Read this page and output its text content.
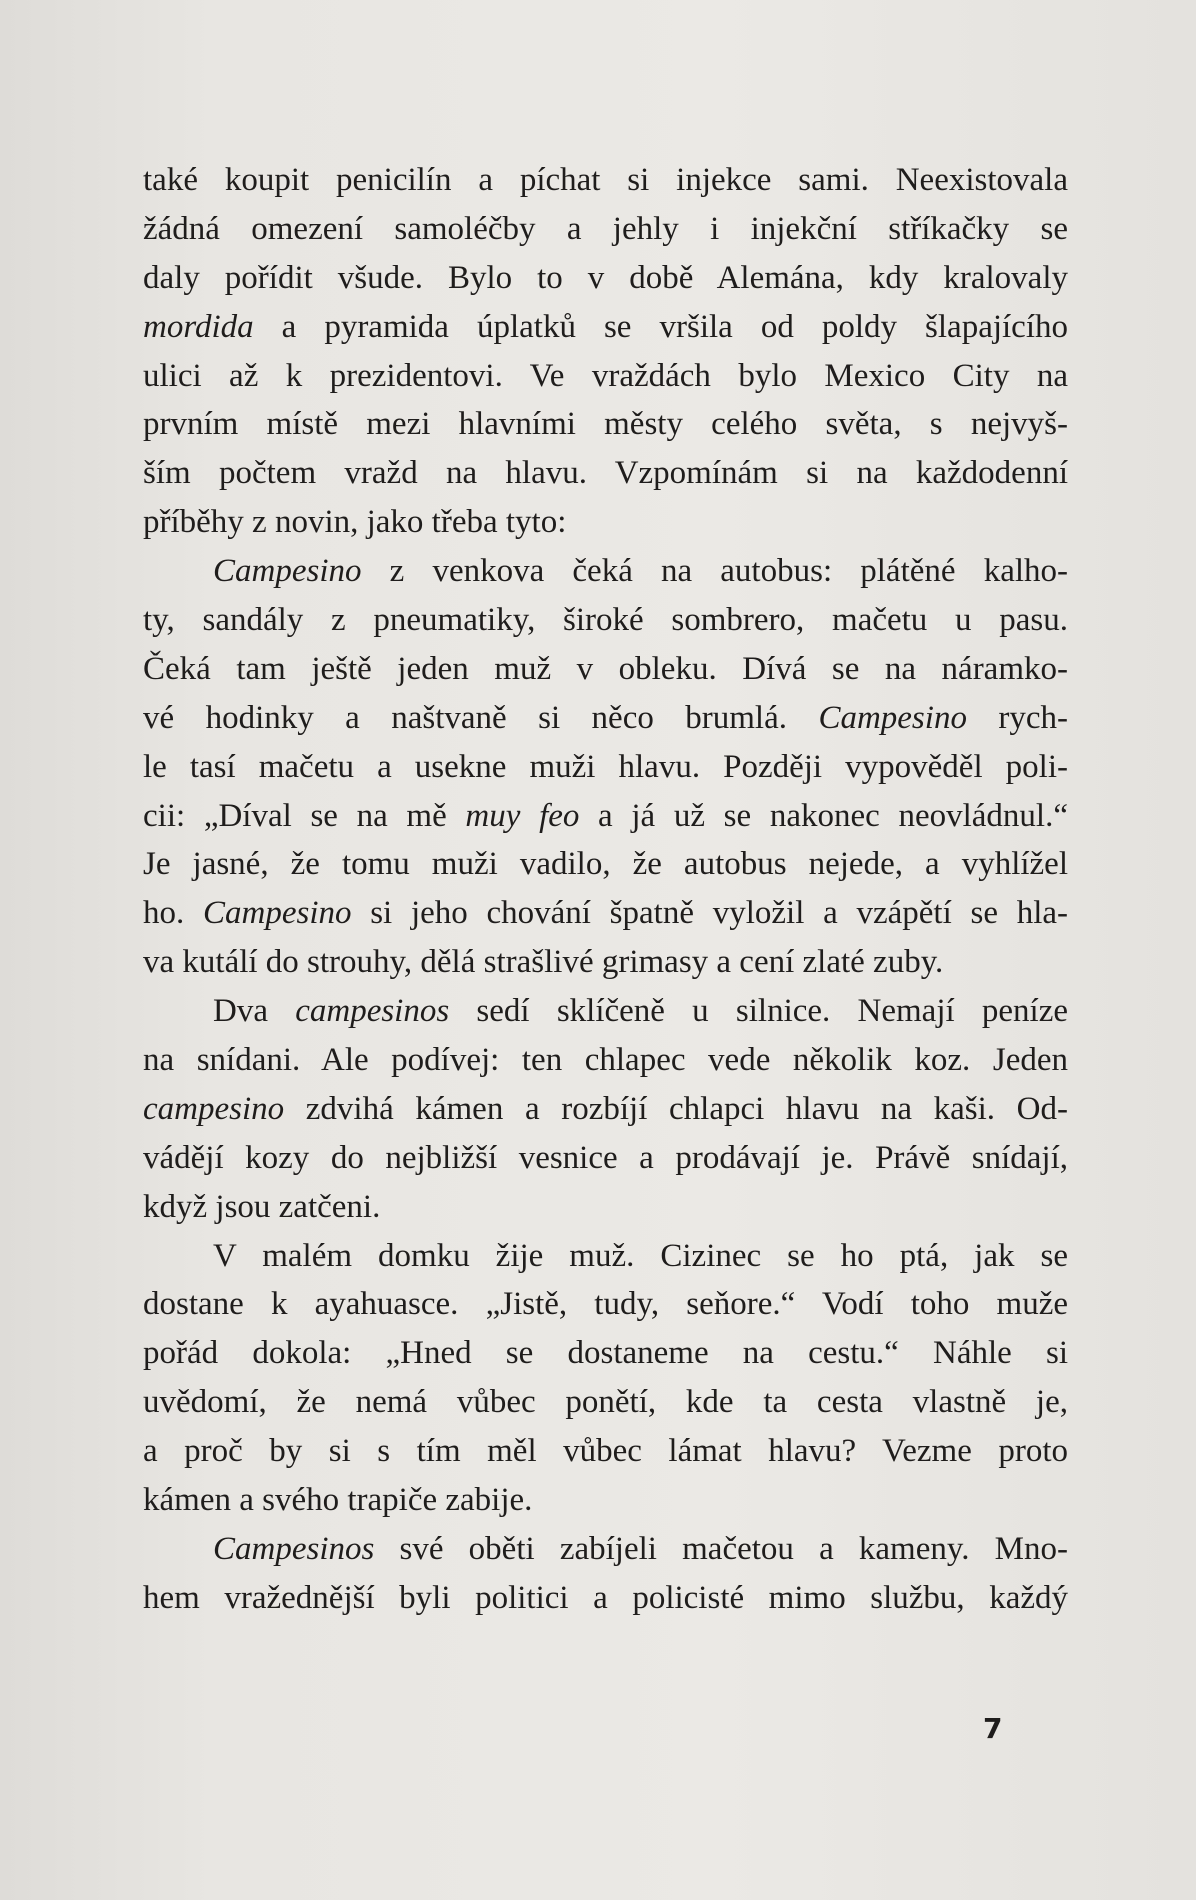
také koupit penicilín a píchat si injekce sami. Neexistovala
žádná omezení samoléčby a jehly i injekční stříkačky se
daly pořídit všude. Bylo to v době Alemána, kdy kralovaly
mordida a pyramida úplatků se vršila od poldy šlapajícího
ulici až k prezidentovi. Ve vraždách bylo Mexico City na
prvním místě mezi hlavními městy celého světa, s nejvyš-
ším počtem vražd na hlavu. Vzpomínám si na každodenní
příběhy z novin, jako třeba tyto:
Campesino z venkova čeká na autobus: plátěné kalho-
ty, sandály z pneumatiky, široké sombrero, mačetu u pasu.
Čeká tam ještě jeden muž v obleku. Dívá se na náramko-
vé hodinky a naštvaně si něco brumlá. Campesino rych-
le tasí mačetu a usekne muži hlavu. Později vypověděl poli-
cii: „Díval se na mě muy feo a já už se nakonec neovládnul.“
Je jasné, že tomu muži vadilo, že autobus nejede, a vyhlížel
ho. Campesino si jeho chování špatně vyložil a vzápětí se hla-
va kutálí do strouhy, dělá strašlivé grimasy a cení zlaté zuby.
Dva campesinos sedí sklíčeně u silnice. Nemají peníze
na snídani. Ale podívej: ten chlapec vede několik koz. Jeden
campesino zdvihá kámen a rozbíjí chlapci hlavu na kaši. Od-
vádějí kozy do nejbližší vesnice a prodávají je. Právě snídají,
když jsou zatčeni.
V malém domku žije muž. Cizinec se ho ptá, jak se
dostane k ayahuasce. „Jistě, tudy, seňore.“ Vodí toho muže
pořád dokola: „Hned se dostaneme na cestu.“ Náhle si
uvědomí, že nemá vůbec ponětí, kde ta cesta vlastně je,
a proč by si s tím měl vůbec lámat hlavu? Vezme proto
kámen a svého trapiče zabije.
Campesinos své oběti zabíjeli mačetou a kameny. Mno-
hem vražednější byli politici a policisté mimo službu, každý
7
